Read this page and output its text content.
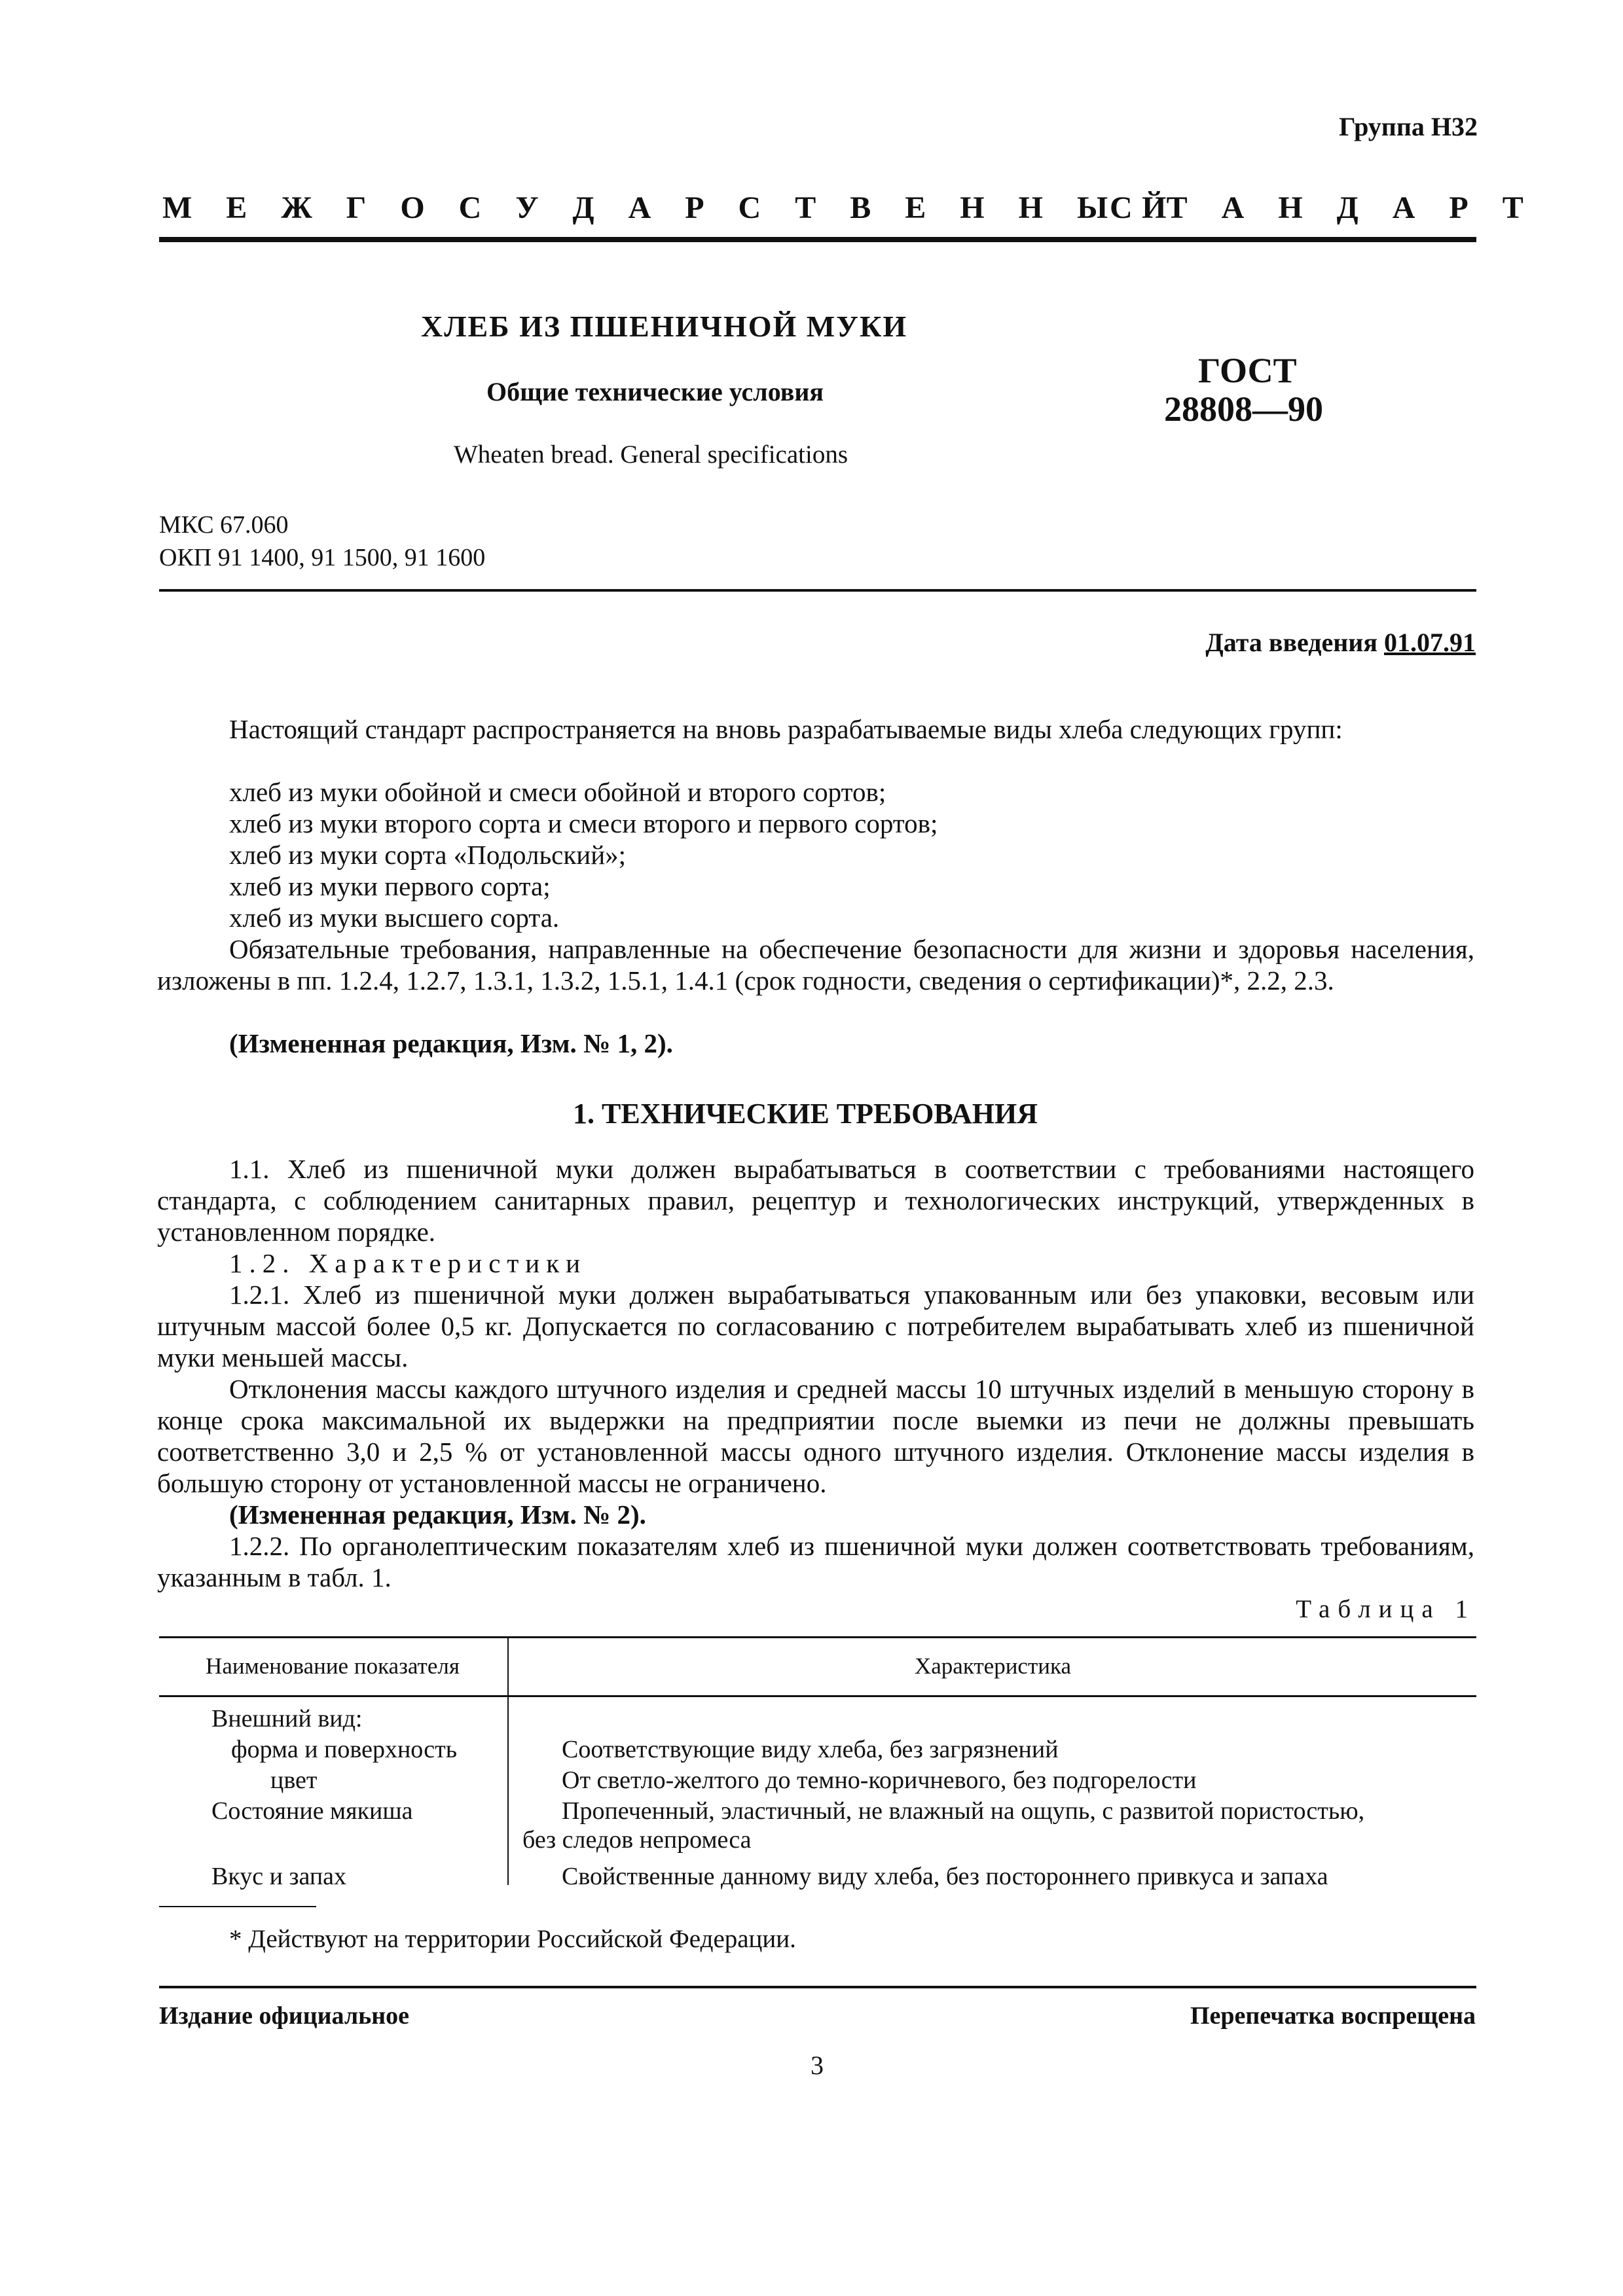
Группа Н32
М Е Ж Г О С У Д А Р С Т В Е Н Н Ы Й
С Т А Н Д А Р Т
ХЛЕБ ИЗ ПШЕНИЧНОЙ МУКИ
Общие технические условия
Wheaten bread. General specifications
ГОСТ
28808—90
МКС 67.060
ОКП 91 1400, 91 1500, 91 1600
Дата введения 01.07.91
Настоящий стандарт распространяется на вновь разрабатываемые виды хлеба следующих групп:
хлеб из муки обойной и смеси обойной и второго сортов;
хлеб из муки второго сорта и смеси второго и первого сортов;
хлеб из муки сорта «Подольский»;
хлеб из муки первого сорта;
хлеб из муки высшего сорта.
Обязательные требования, направленные на обеспечение безопасности для жизни и здоровья населения, изложены в пп. 1.2.4, 1.2.7, 1.3.1, 1.3.2, 1.5.1, 1.4.1 (срок годности, сведения о сертификации)*, 2.2, 2.3.
(Измененная редакция, Изм. № 1, 2).
1. ТЕХНИЧЕСКИЕ ТРЕБОВАНИЯ
1.1. Хлеб из пшеничной муки должен вырабатываться в соответствии с требованиями настоящего стандарта, с соблюдением санитарных правил, рецептур и технологических инструкций, утвержденных в установленном порядке.
1.2. Характеристики
1.2.1. Хлеб из пшеничной муки должен вырабатываться упакованным или без упаковки, весовым или штучным массой более 0,5 кг. Допускается по согласованию с потребителем вырабатывать хлеб из пшеничной муки меньшей массы.
Отклонения массы каждого штучного изделия и средней массы 10 штучных изделий в меньшую сторону в конце срока максимальной их выдержки на предприятии после выемки из печи не должны превышать соответственно 3,0 и 2,5 % от установленной массы одного штучного изделия. Отклонение массы изделия в большую сторону от установленной массы не ограничено.
(Измененная редакция, Изм. № 2).
1.2.2. По органолептическим показателям хлеб из пшеничной муки должен соответствовать требованиям, указанным в табл. 1.
Таблица 1
Наименование показателя	Характеристика
Внешний вид:
форма и поверхность	Соответствующие виду хлеба, без загрязнений
цвет	От светло-желтого до темно-коричневого, без подгорелости
Состояние мякиша	Пропеченный, эластичный, не влажный на ощупь, с развитой пористостью,
без следов непромеса
Вкус и запах	Свойственные данному виду хлеба, без постороннего привкуса и запаха
* Действуют на территории Российской Федерации.
Издание официальное	Перепечатка воспрещена
3
